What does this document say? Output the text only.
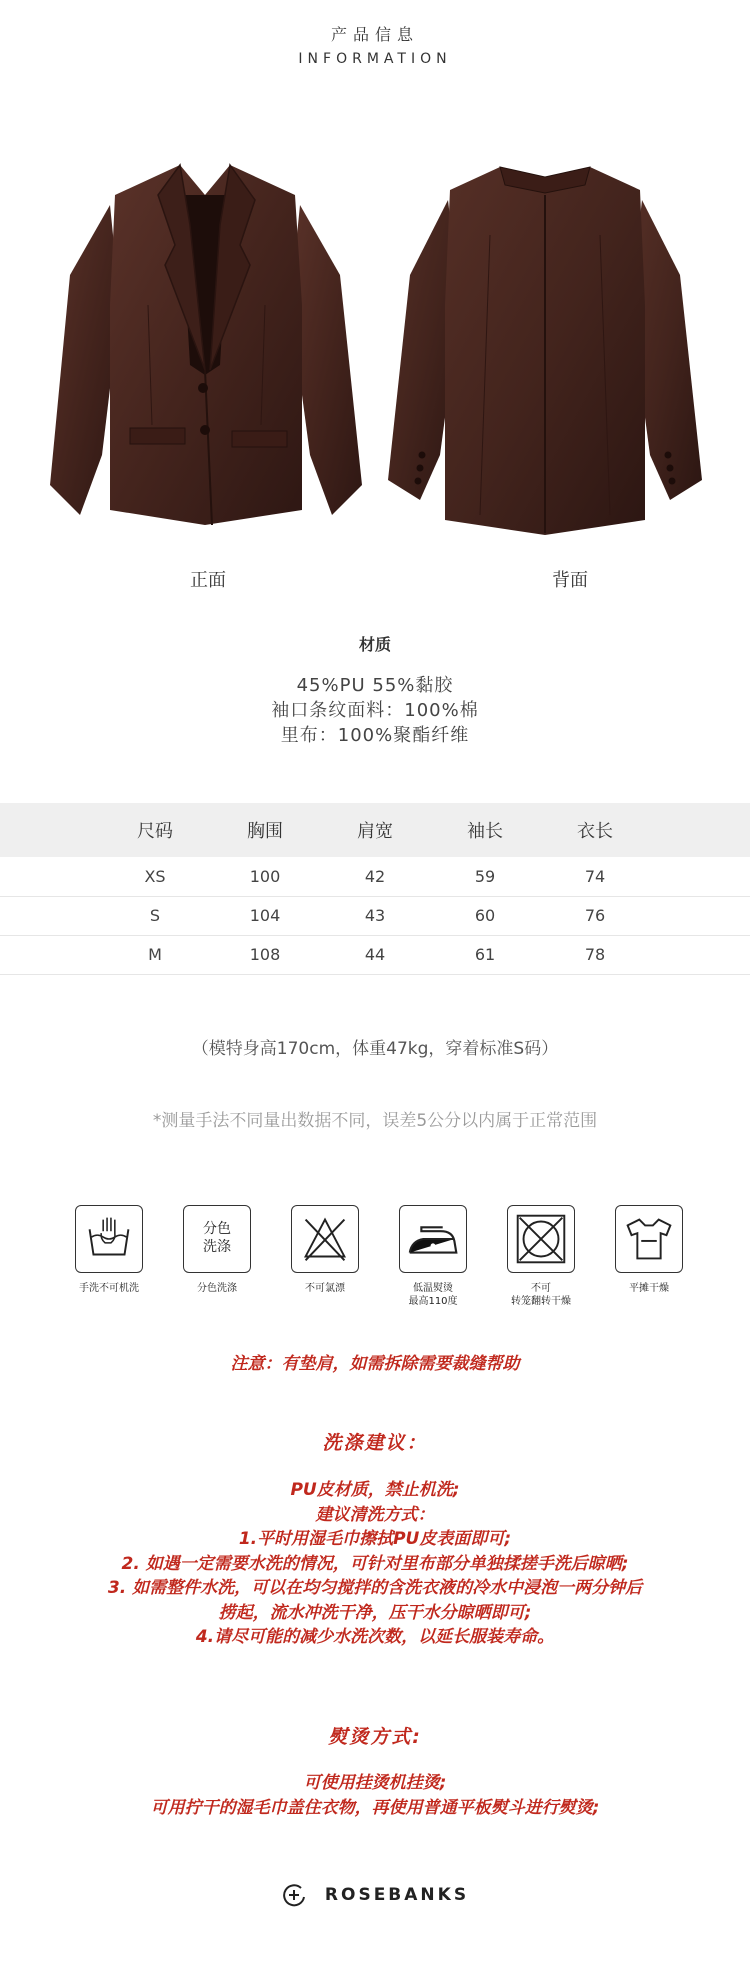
产品信息
INFORMATION
正面	背面
材质
45%PU 55%黏胶
袖口条纹面料：100%棉
里布：100%聚酯纤维
	尺码	胸围	肩宽	袖长	衣长	
	XS	100	42	59	74	
	S	104	43	60	76	
	M	108	44	61	78	
（模特身高170cm，体重47kg，穿着标准S码）
*测量手法不同量出数据不同，误差5公分以内属于正常范围
手洗不可机洗
分色
洗涤
分色洗涤	不可氯漂	低温熨烫
最高110度
不可
转笼翻转干燥
平摊干燥
注意：有垫肩，如需拆除需要裁缝帮助
洗涤建议：
PU皮材质，禁止机洗;
建议清洗方式：
1.平时用湿毛巾擦拭PU皮表面即可;
2. 如遇一定需要水洗的情况，可针对里布部分单独揉搓手洗后晾晒;
3. 如需整件水洗，可以在均匀搅拌的含洗衣液的冷水中浸泡一两分钟后
捞起，流水冲洗干净，压干水分晾晒即可;
4.请尽可能的减少水洗次数，以延长服装寿命。
熨烫方式:
可使用挂烫机挂烫;
可用拧干的湿毛巾盖住衣物，再使用普通平板熨斗进行熨烫;
ROSEBANKS
